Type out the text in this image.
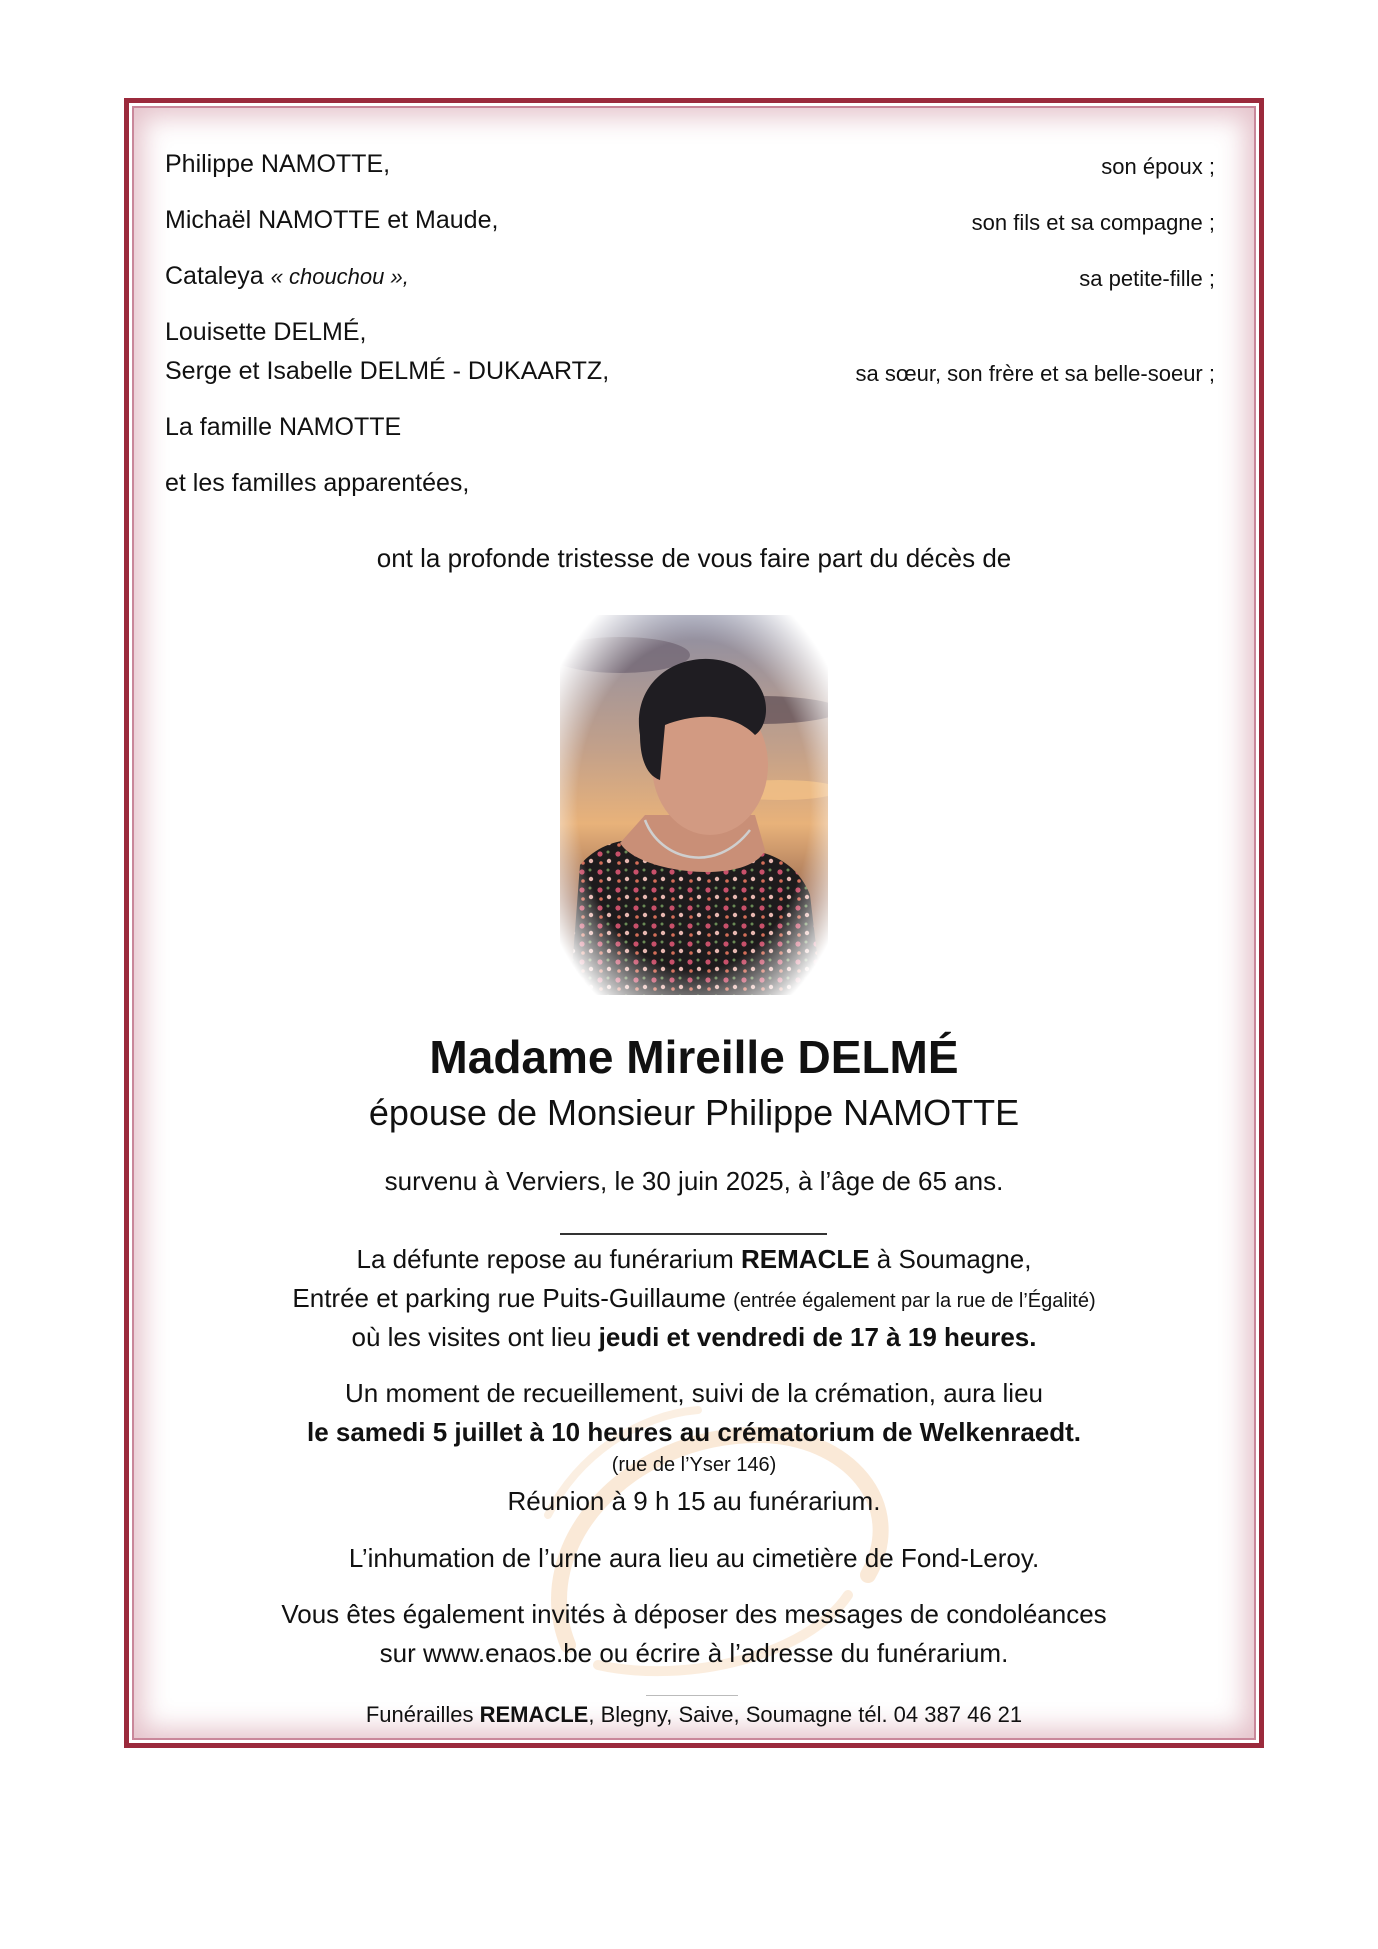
Philippe NAMOTTE,	son époux ;
Michaël NAMOTTE et Maude,	son fils et sa compagne ;
Cataleya « chouchou »,	sa petite-fille ;
Louisette DELMÉ,
Serge et Isabelle DELMÉ - DUKAARTZ,	sa sœur, son frère et sa belle-soeur ;
La famille NAMOTTE
et les familles apparentées,
ont la profonde tristesse de vous faire part du décès de
Madame Mireille DELMÉ
épouse de Monsieur Philippe NAMOTTE
survenu à Verviers, le 30 juin 2025, à l’âge de 65 ans.
La défunte repose au funérarium REMACLE à Soumagne,
Entrée et parking rue Puits-Guillaume (entrée également par la rue de l’Égalité)
où les visites ont lieu jeudi et vendredi de 17 à 19 heures.
Un moment de recueillement, suivi de la crémation, aura lieu
le samedi 5 juillet à 10 heures au crématorium de Welkenraedt.
(rue de l’Yser 146)
Réunion à 9 h 15 au funérarium.
L’inhumation de l’urne aura lieu au cimetière de Fond-Leroy.
Vous êtes également invités à déposer des messages de condoléances
sur www.enaos.be ou écrire à l’adresse du funérarium.
Funérailles REMACLE, Blegny, Saive, Soumagne tél. 04 387 46 21
